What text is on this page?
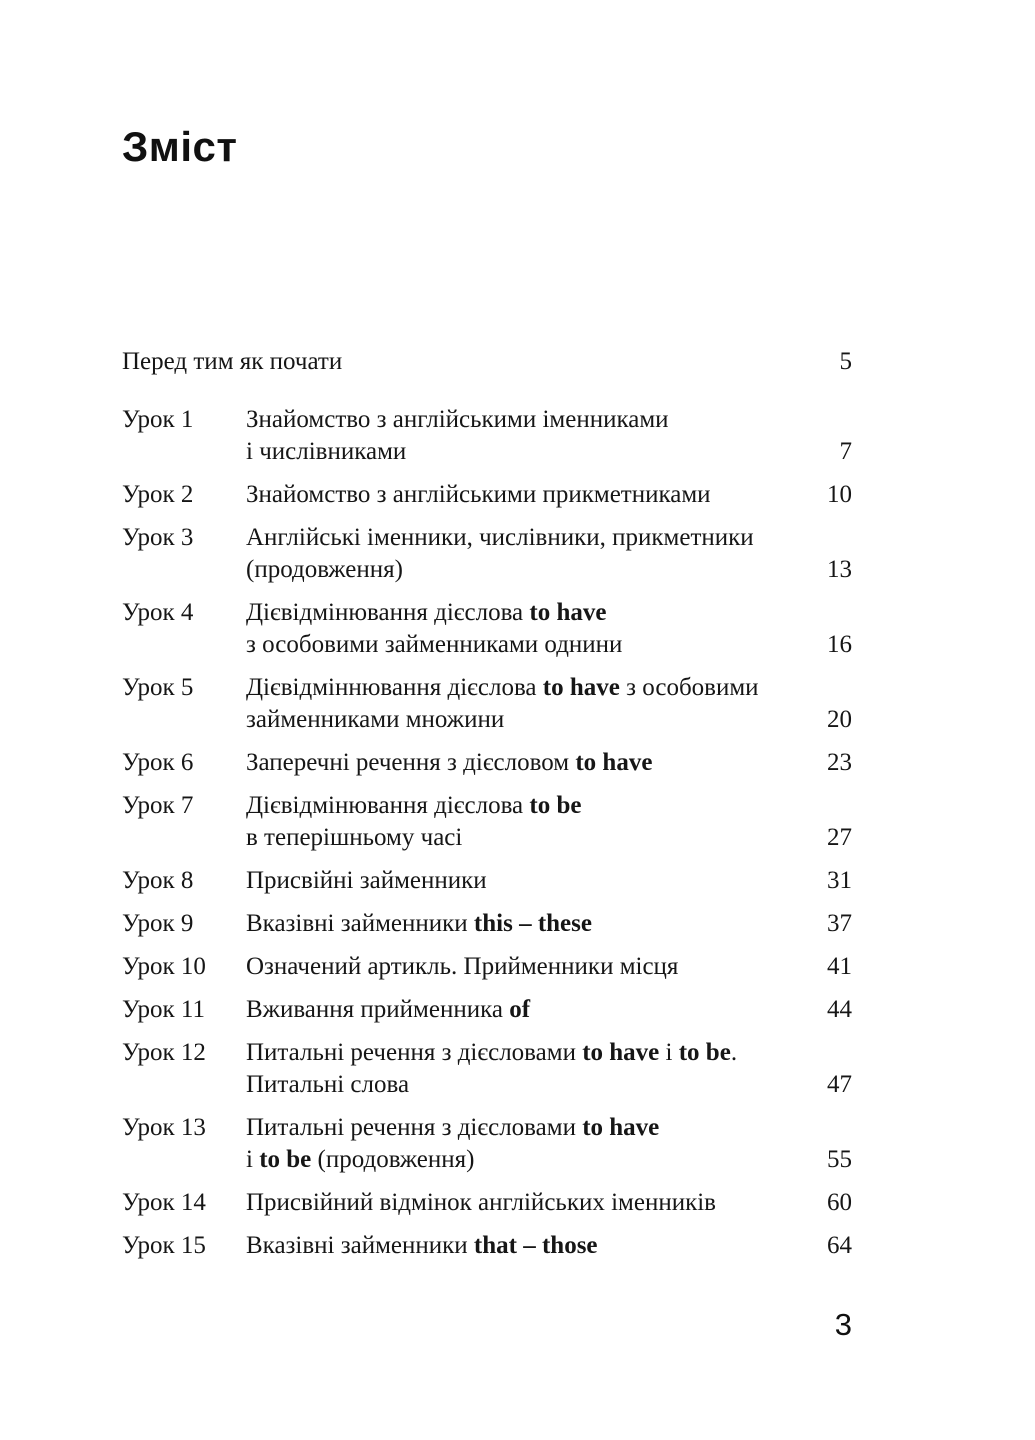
Зміст
Перед тим як почати	5
Урок 1	Знайомство з англійськими іменниками
і числівниками	7
Урок 2	Знайомство з англійськими прикметниками	10
Урок 3	Англійські іменники, числівники, прикметники
(продовження)	13
Урок 4	Дієвідмінювання дієслова to have
з особовими займенниками однини	16
Урок 5	Дієвідміннювання дієслова to have з особовими
займенниками множини	20
Урок 6	Заперечні речення з дієсловом to have	23
Урок 7	Дієвідмінювання дієслова to be
в теперішньому часі	27
Урок 8	Присвійні займенники	31
Урок 9	Вказівні займенники this – these	37
Урок 10	Означений артикль. Прийменники місця	41
Урок 11	Вживання прийменника of	44
Урок 12	Питальні речення з дієсловами to have і to be.
Питальні слова	47
Урок 13	Питальні речення з дієсловами to have
і to be (продовження)	55
Урок 14	Присвійний відмінок англійських іменників	60
Урок 15	Вказівні займенники that – those	64
3
